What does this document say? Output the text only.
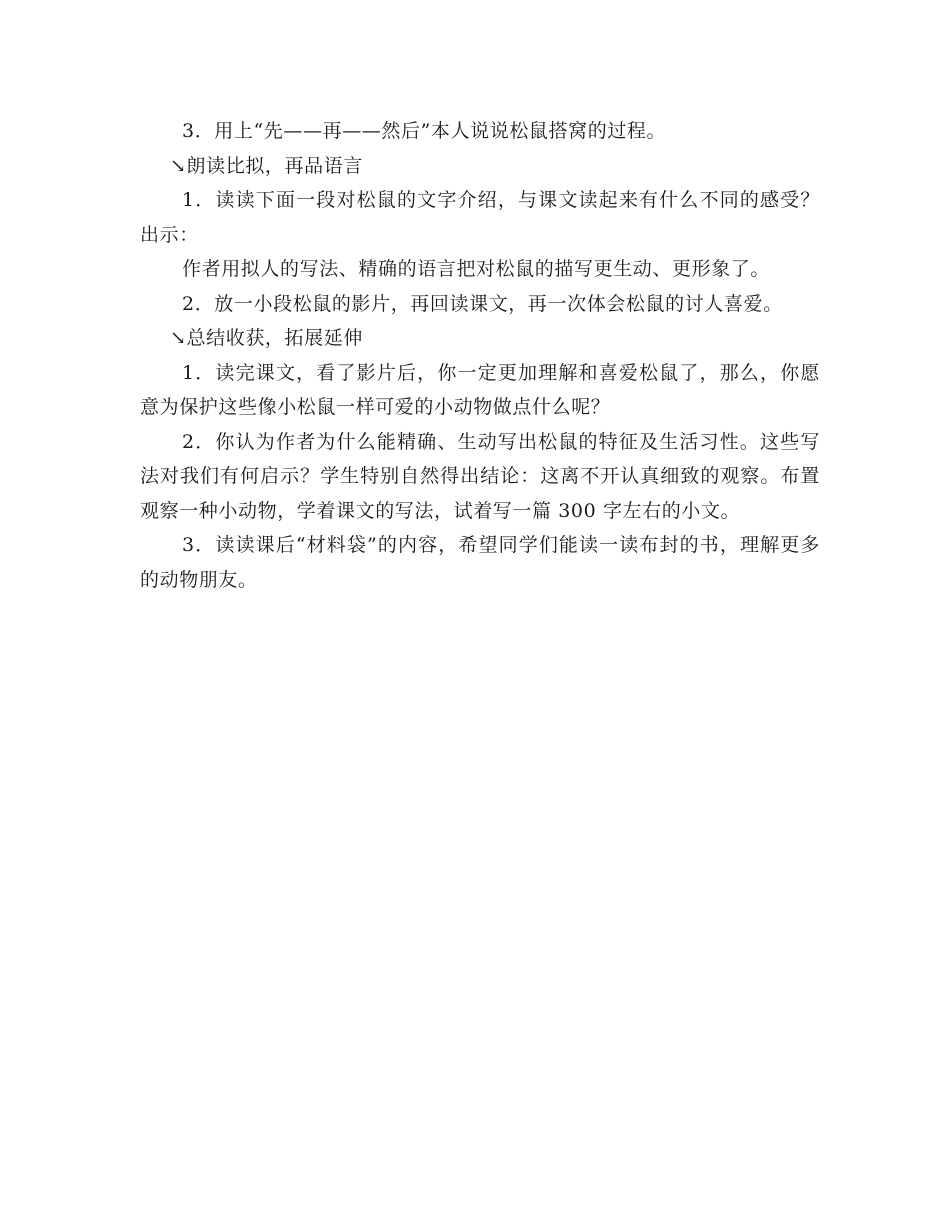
3．用上“先——再——然后”本人说说松鼠搭窝的过程。

↘朗读比拟，再品语言

1．读读下面一段对松鼠的文字介绍，与课文读起来有什么不同的感受？出示：

作者用拟人的写法、精确的语言把对松鼠的描写更生动、更形象了。

2．放一小段松鼠的影片，再回读课文，再一次体会松鼠的讨人喜爱。

↘总结收获，拓展延伸

1．读完课文，看了影片后，你一定更加理解和喜爱松鼠了，那么，你愿意为保护这些像小松鼠一样可爱的小动物做点什么呢？

2．你认为作者为什么能精确、生动写出松鼠的特征及生活习性。这些写法对我们有何启示？学生特别自然得出结论：这离不开认真细致的观察。布置观察一种小动物，学着课文的写法，试着写一篇 300 字左右的小文。

3．读读课后“材料袋”的内容，希望同学们能读一读布封的书，理解更多的动物朋友。
